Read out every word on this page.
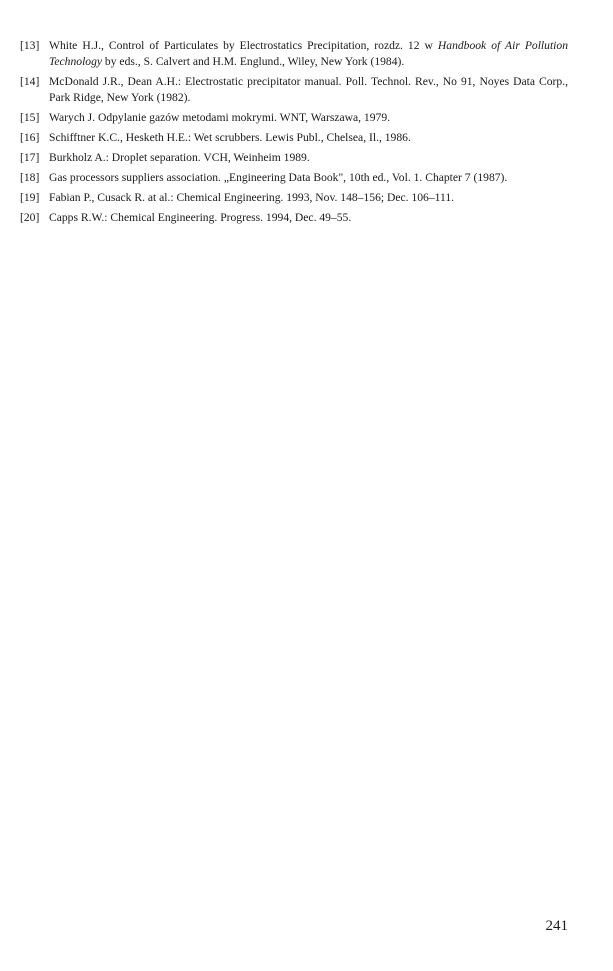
[13] White H.J., Control of Particulates by Electrostatics Precipitation, rozdz. 12 w Handbook of Air Pollution Technology by eds., S. Calvert and H.M. Englund., Wiley, New York (1984).
[14] McDonald J.R., Dean A.H.: Electrostatic precipitator manual. Poll. Technol. Rev., No 91, Noyes Data Corp., Park Ridge, New York (1982).
[15] Warych J. Odpylanie gazów metodami mokrymi. WNT, Warszawa, 1979.
[16] Schifftner K.C., Hesketh H.E.: Wet scrubbers. Lewis Publ., Chelsea, Il., 1986.
[17] Burkholz A.: Droplet separation. VCH, Weinheim 1989.
[18] Gas processors suppliers association. „Engineering Data Book", 10th ed., Vol. 1. Chapter 7 (1987).
[19] Fabian P., Cusack R. at al.: Chemical Engineering. 1993, Nov. 148–156; Dec. 106–111.
[20] Capps R.W.: Chemical Engineering. Progress. 1994, Dec. 49–55.
241
